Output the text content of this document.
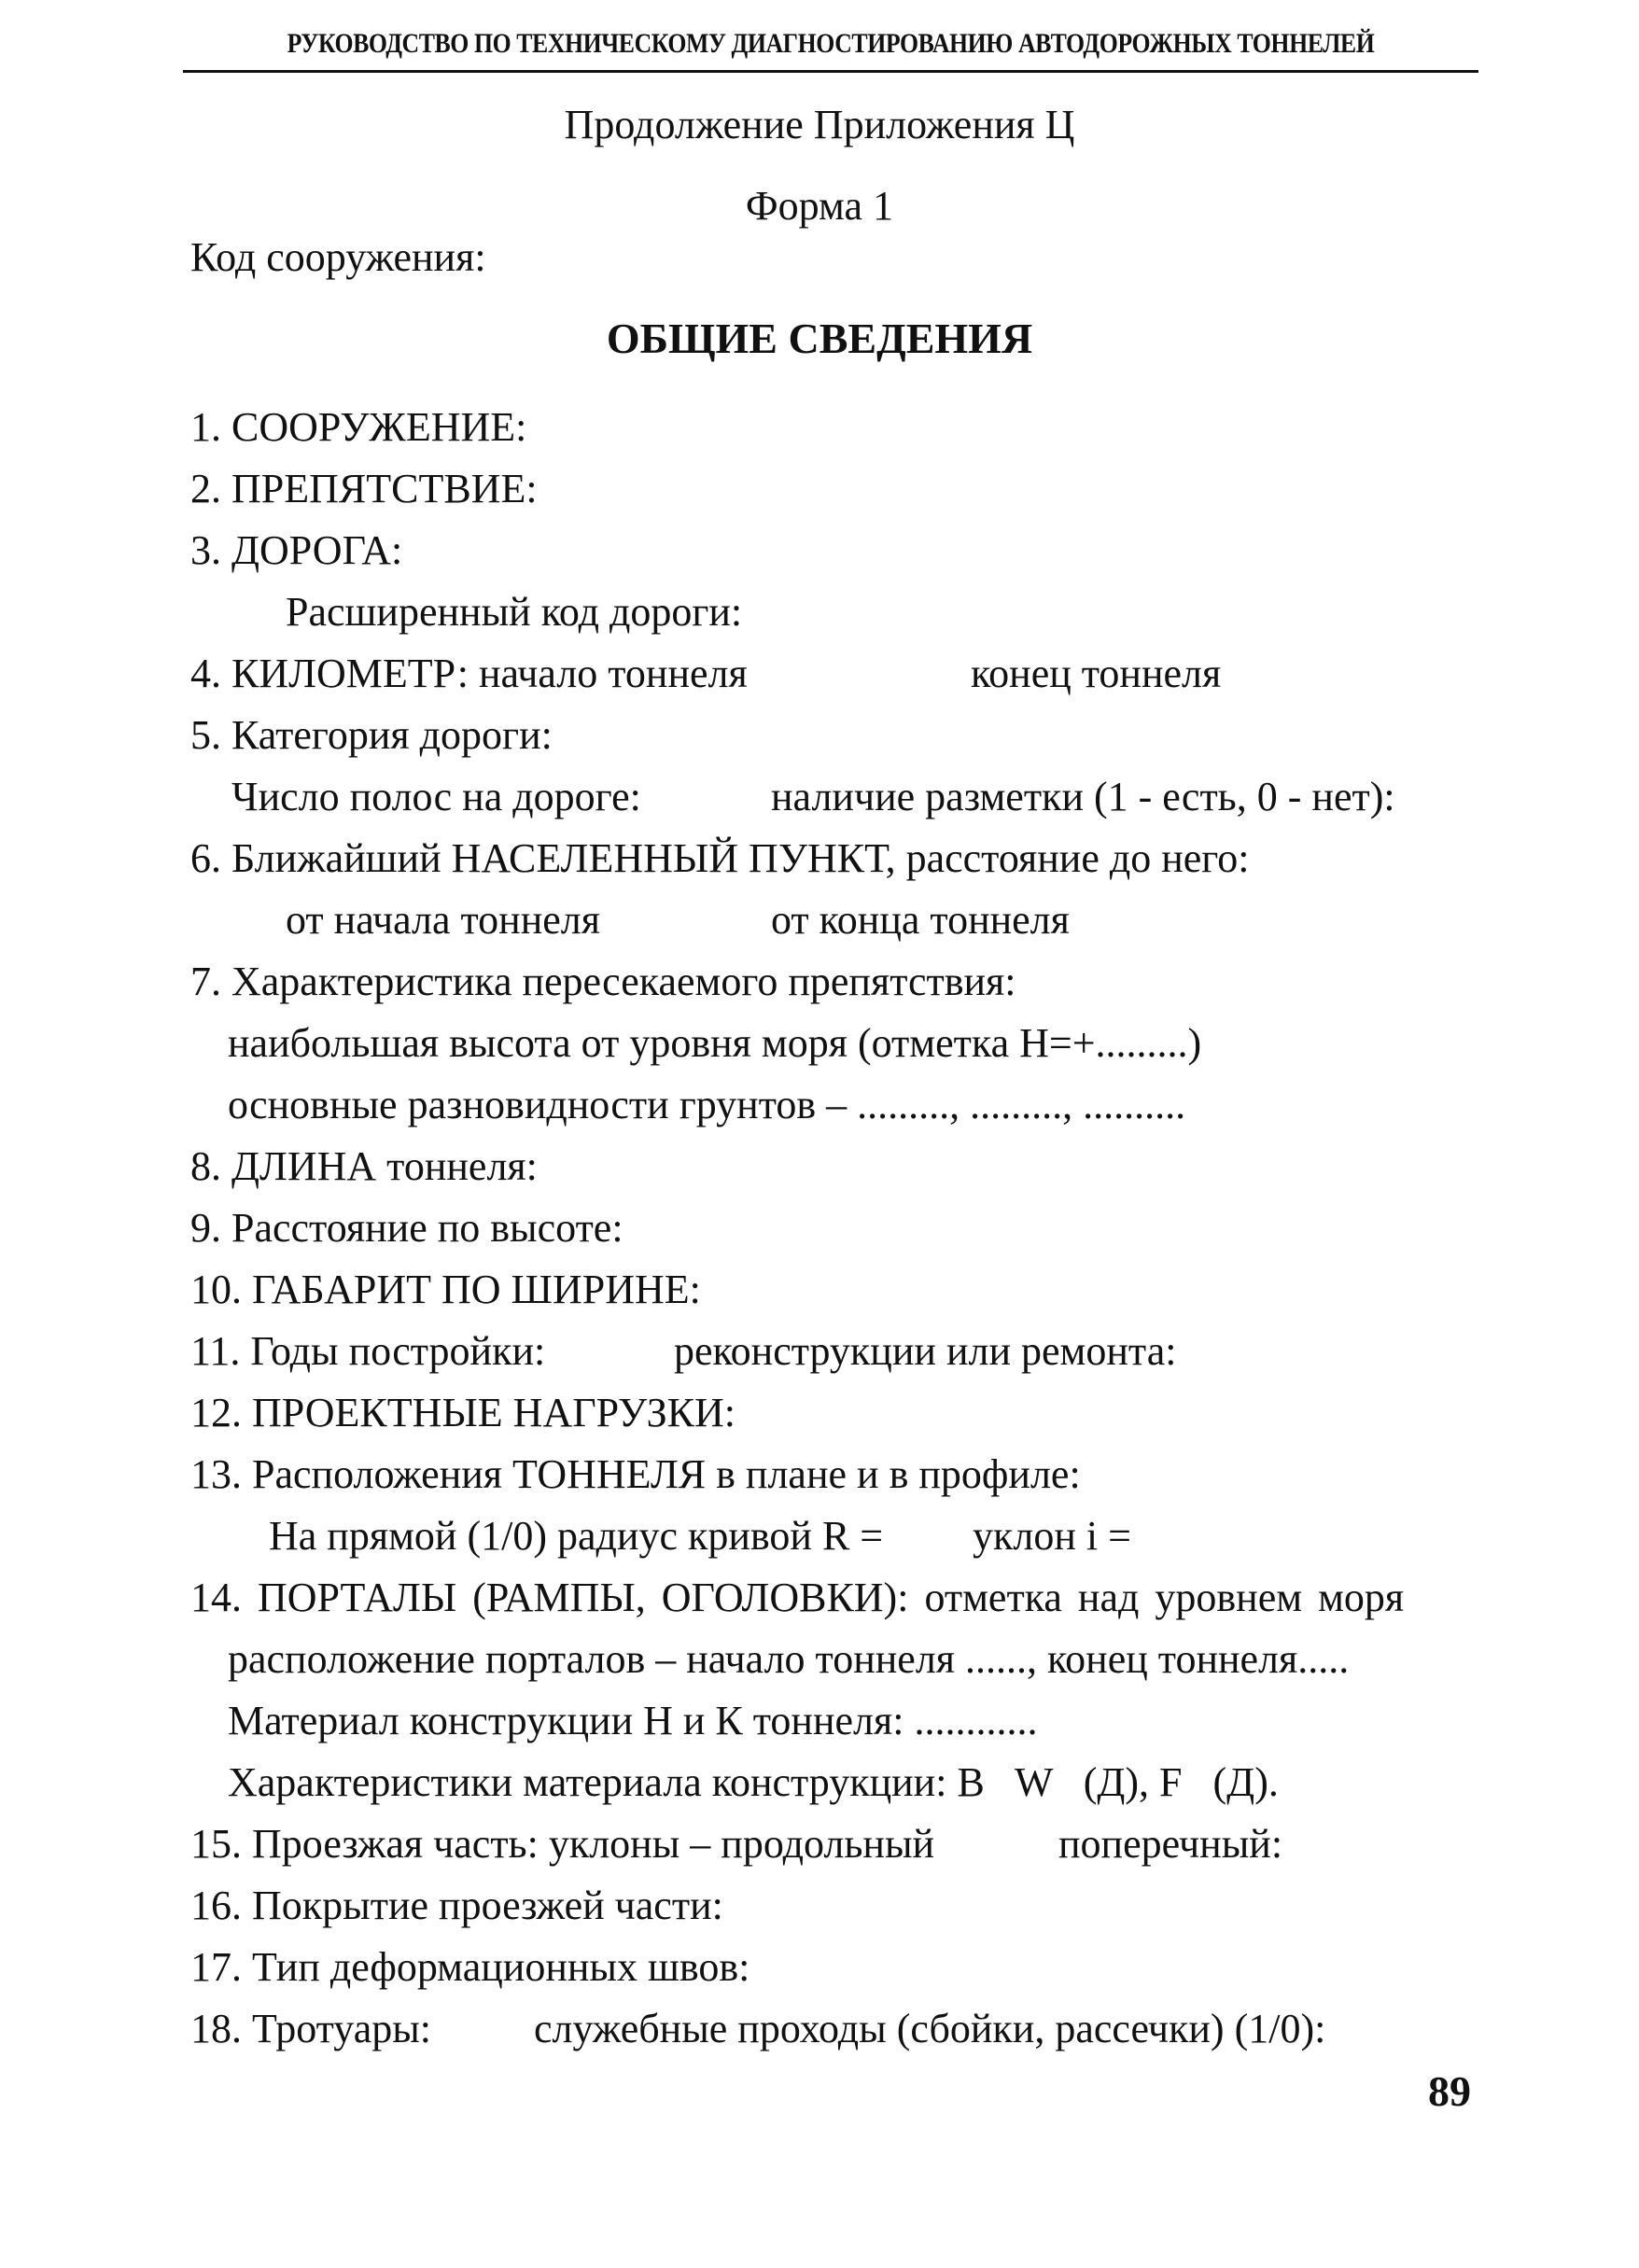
РУКОВОДСТВО ПО ТЕХНИЧЕСКОМУ ДИАГНОСТИРОВАНИЮ АВТОДОРОЖНЫХ ТОННЕЛЕЙ
Продолжение Приложения Ц
Форма 1
Код сооружения:
ОБЩИЕ СВЕДЕНИЯ
1. СООРУЖЕНИЕ:
2. ПРЕПЯТСТВИЕ:
3. ДОРОГА:
Расширенный код дороги:
4. КИЛОМЕТР: начало тоннеля	конец тоннеля
5. Категория дороги:
Число полос на дороге:	наличие разметки (1 - есть, 0 - нет):
6. Ближайший НАСЕЛЕННЫЙ ПУНКТ, расстояние до него:
от начала тоннеля	от конца тоннеля
7. Характеристика пересекаемого препятствия:
наибольшая высота от уровня моря (отметка Н=+.........)
основные разновидности грунтов – ........., ........., ..........
8. ДЛИНА тоннеля:
9. Расстояние по высоте:
10. ГАБАРИТ ПО ШИРИНЕ:
11. Годы постройки:	реконструкции или ремонта:
12. ПРОЕКТНЫЕ НАГРУЗКИ:
13. Расположения ТОННЕЛЯ в плане и в профиле:
На прямой (1/0) радиус кривой R = уклон i =
14. ПОРТАЛЫ (РАМПЫ, ОГОЛОВКИ): отметка над уровнем моря
расположение порталов – начало тоннеля ......, конец тоннеля.....
Материал конструкции Н и К тоннеля: ............
Характеристики материала конструкции: B   W   (Д), F   (Д).
15. Проезжая часть: уклоны – продольный	поперечный:
16. Покрытие проезжей части:
17. Тип деформационных швов:
18. Тротуары: служебные проходы (сбойки, рассечки) (1/0):
89
